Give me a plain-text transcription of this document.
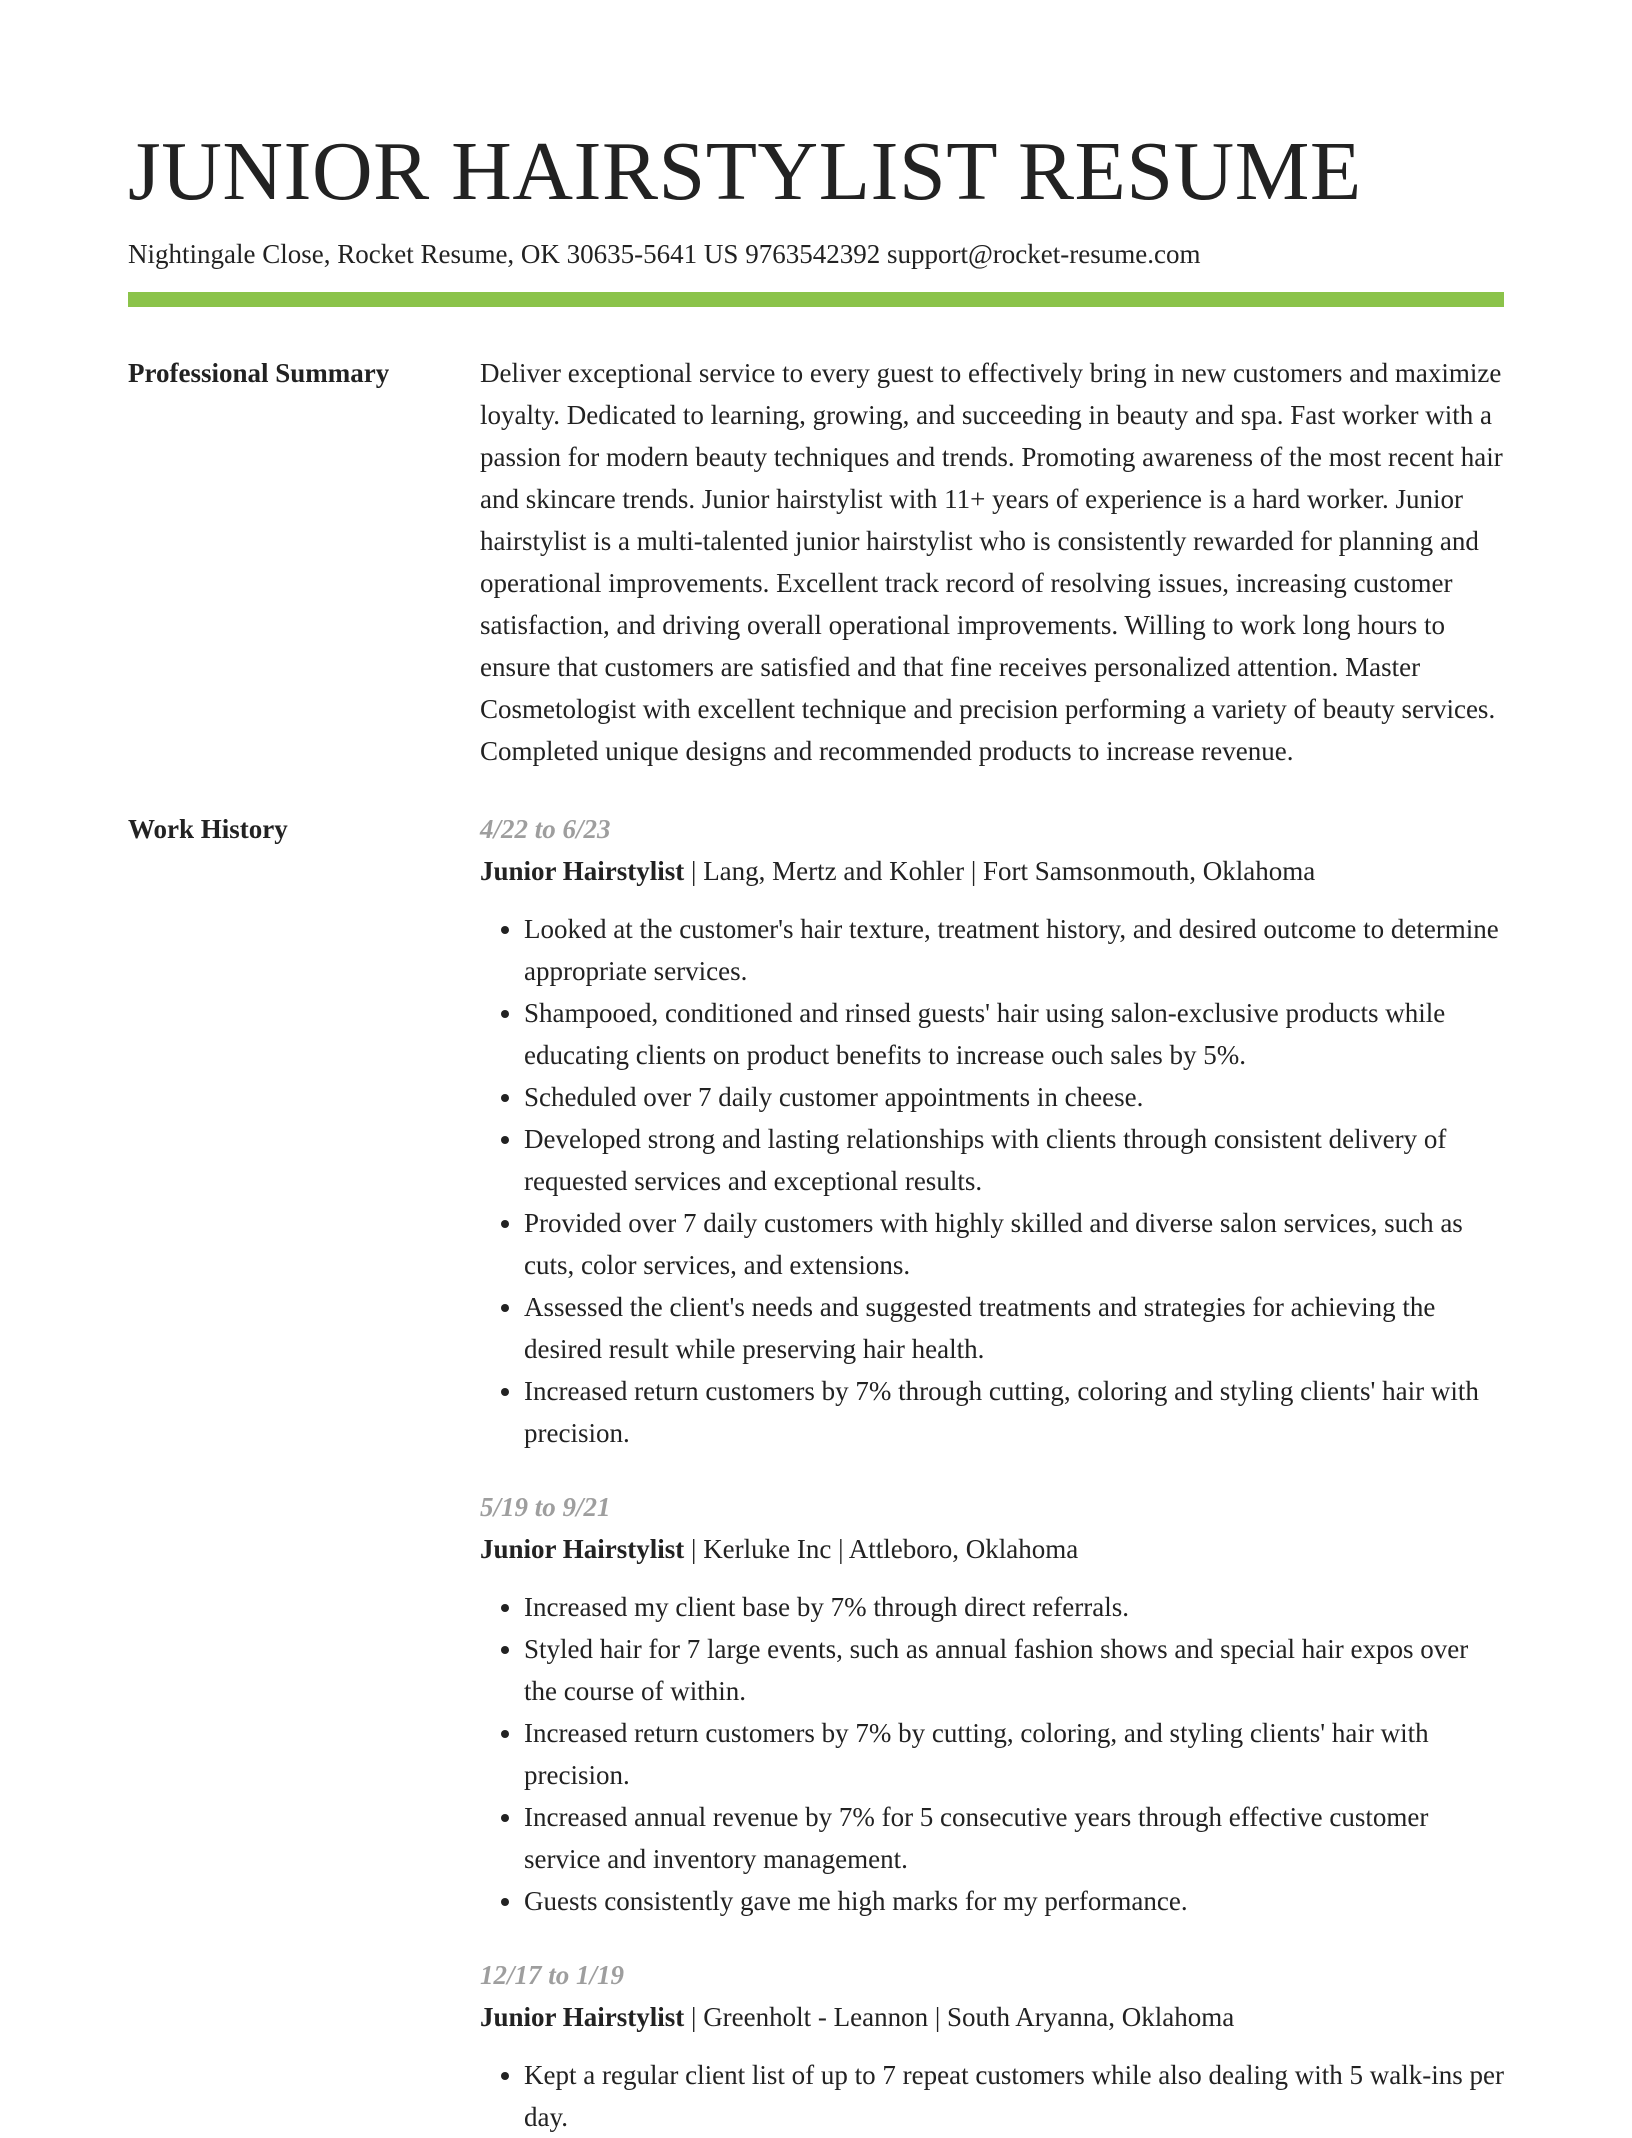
JUNIOR HAIRSTYLIST RESUME
Nightingale Close, Rocket Resume, OK 30635-5641 US 9763542392 support@rocket-resume.com
Professional Summary	Deliver exceptional service to every guest to effectively bring in new customers and maximize loyalty. Dedicated to learning, growing, and succeeding in beauty and spa. Fast worker with a passion for modern beauty techniques and trends. Promoting awareness of the most recent hair and skincare trends. Junior hairstylist with 11+ years of experience is a hard worker. Junior hairstylist is a multi-talented junior hairstylist who is consistently rewarded for planning and operational improvements. Excellent track record of resolving issues, increasing customer satisfaction, and driving overall operational improvements. Willing to work long hours to ensure that customers are satisfied and that fine receives personalized attention. Master Cosmetologist with excellent technique and precision performing a variety of beauty services. Completed unique designs and recommended products to increase revenue.

Work History	4/22 to 6/23
Junior Hairstylist | Lang, Mertz and Kohler | Fort Samsonmouth, Oklahoma
• Looked at the customer's hair texture, treatment history, and desired outcome to determine appropriate services.
• Shampooed, conditioned and rinsed guests' hair using salon-exclusive products while educating clients on product benefits to increase ouch sales by 5%.
• Scheduled over 7 daily customer appointments in cheese.
• Developed strong and lasting relationships with clients through consistent delivery of requested services and exceptional results.
• Provided over 7 daily customers with highly skilled and diverse salon services, such as cuts, color services, and extensions.
• Assessed the client's needs and suggested treatments and strategies for achieving the desired result while preserving hair health.
• Increased return customers by 7% through cutting, coloring and styling clients' hair with precision.
5/19 to 9/21
Junior Hairstylist | Kerluke Inc | Attleboro, Oklahoma
• Increased my client base by 7% through direct referrals.
• Styled hair for 7 large events, such as annual fashion shows and special hair expos over the course of within.
• Increased return customers by 7% by cutting, coloring, and styling clients' hair with precision.
• Increased annual revenue by 7% for 5 consecutive years through effective customer service and inventory management.
• Guests consistently gave me high marks for my performance.
12/17 to 1/19
Junior Hairstylist | Greenholt - Leannon | South Aryanna, Oklahoma
• Kept a regular client list of up to 7 repeat customers while also dealing with 5 walk-ins per day.
